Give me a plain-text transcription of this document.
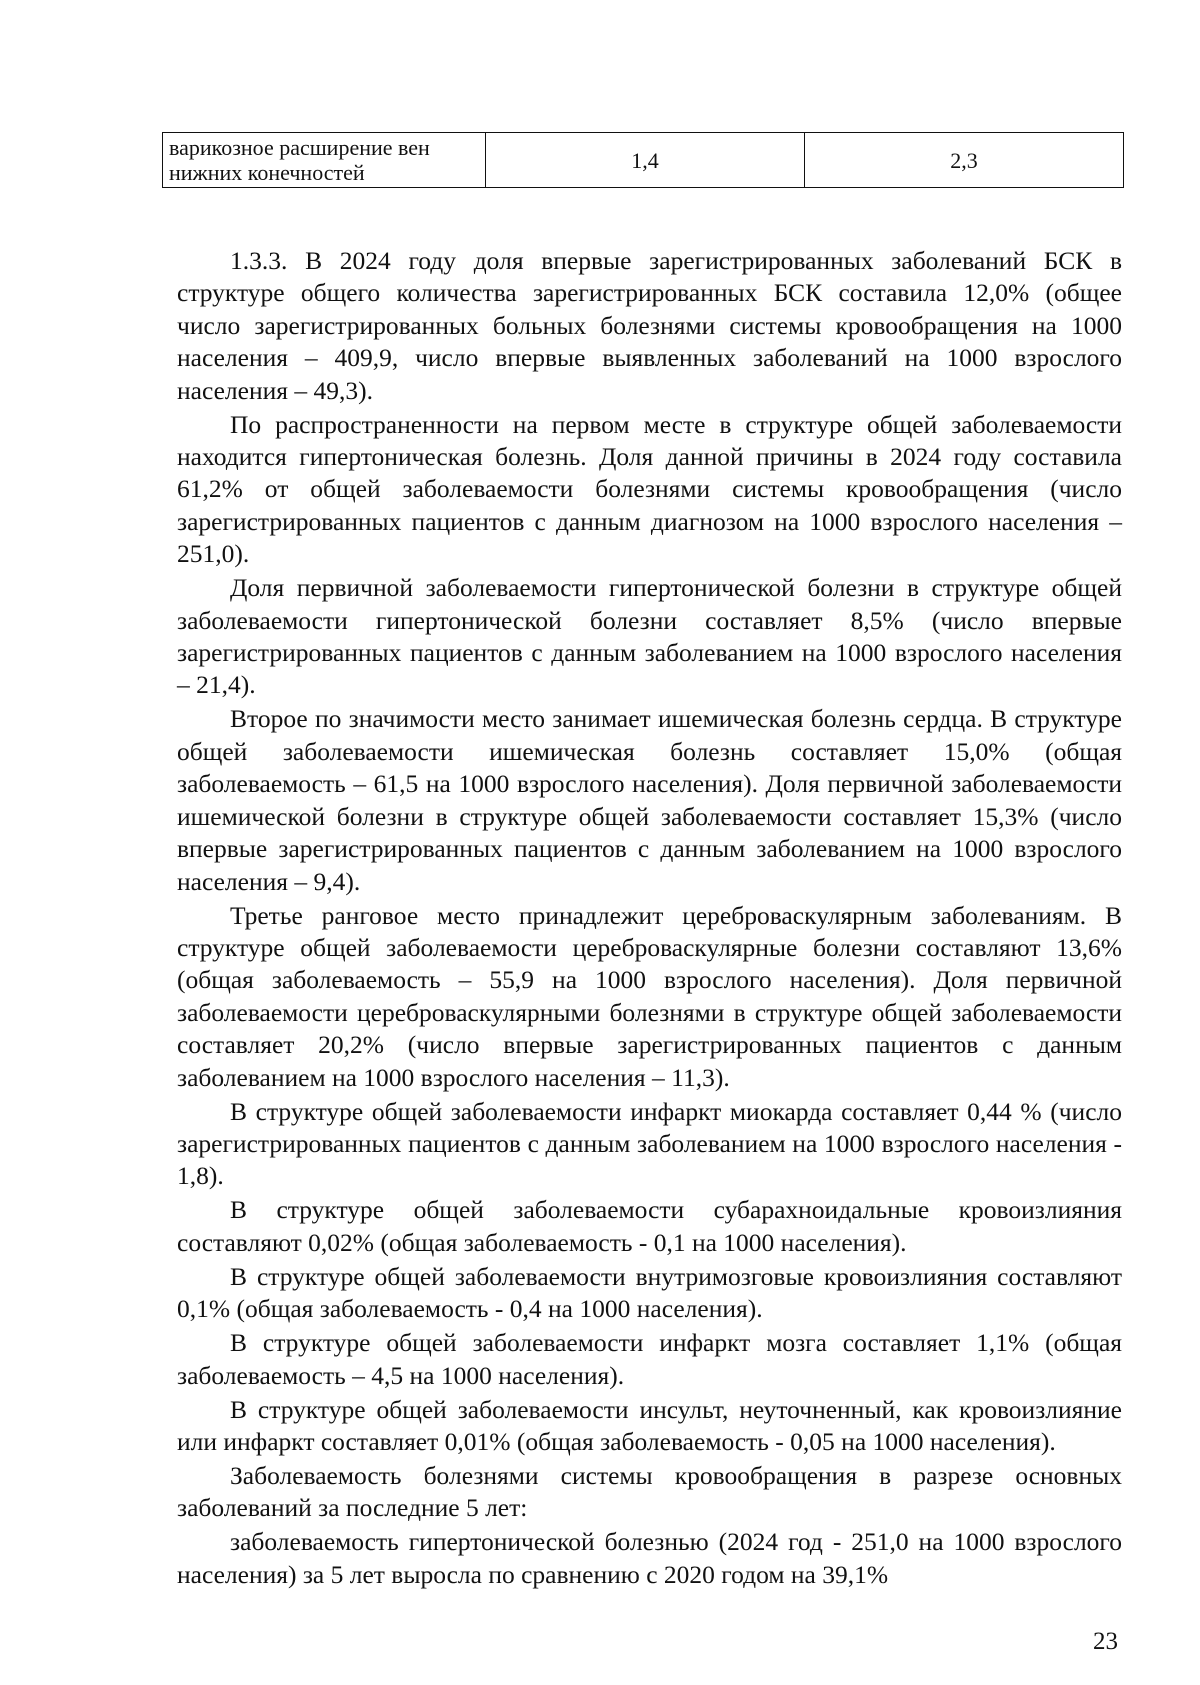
варикозное расширение вен нижних конечностей	1,4	2,3

1.3.3. В 2024 году доля впервые зарегистрированных заболеваний БСК в структуре общего количества зарегистрированных БСК составила 12,0% (общее число зарегистрированных больных болезнями системы кровообращения на 1000 населения – 409,9, число впервые выявленных заболеваний на 1000 взрослого населения – 49,3).

По распространенности на первом месте в структуре общей заболеваемости находится гипертоническая болезнь. Доля данной причины в 2024 году составила 61,2% от общей заболеваемости болезнями системы кровообращения (число зарегистрированных пациентов с данным диагнозом на 1000 взрослого населения – 251,0).

Доля первичной заболеваемости гипертонической болезни в структуре общей заболеваемости гипертонической болезни составляет 8,5% (число впервые зарегистрированных пациентов с данным заболеванием на 1000 взрослого населения – 21,4).

Второе по значимости место занимает ишемическая болезнь сердца. В структуре общей заболеваемости ишемическая болезнь составляет 15,0% (общая заболеваемость – 61,5 на 1000 взрослого населения). Доля первичной заболеваемости ишемической болезни в структуре общей заболеваемости составляет 15,3% (число впервые зарегистрированных пациентов с данным заболеванием на 1000 взрослого населения – 9,4).

Третье ранговое место принадлежит цереброваскулярным заболеваниям. В структуре общей заболеваемости цереброваскулярные болезни составляют 13,6% (общая заболеваемость – 55,9 на 1000 взрослого населения). Доля первичной заболеваемости цереброваскулярными болезнями в структуре общей заболеваемости составляет 20,2% (число впервые зарегистрированных пациентов с данным заболеванием на 1000 взрослого населения – 11,3).

В структуре общей заболеваемости инфаркт миокарда составляет 0,44 % (число зарегистрированных пациентов с данным заболеванием на 1000 взрослого населения - 1,8).

В структуре общей заболеваемости субарахноидальные кровоизлияния составляют 0,02% (общая заболеваемость - 0,1 на 1000 населения).

В структуре общей заболеваемости внутримозговые кровоизлияния составляют 0,1% (общая заболеваемость - 0,4 на 1000 населения).

В структуре общей заболеваемости инфаркт мозга составляет 1,1% (общая заболеваемость – 4,5 на 1000 населения).

В структуре общей заболеваемости инсульт, неуточненный, как кровоизлияние или инфаркт составляет 0,01% (общая заболеваемость - 0,05 на 1000 населения).

Заболеваемость болезнями системы кровообращения в разрезе основных заболеваний за последние 5 лет:

заболеваемость гипертонической болезнью (2024 год - 251,0 на 1000 взрослого населения) за 5 лет выросла по сравнению с 2020 годом на 39,1%

23
